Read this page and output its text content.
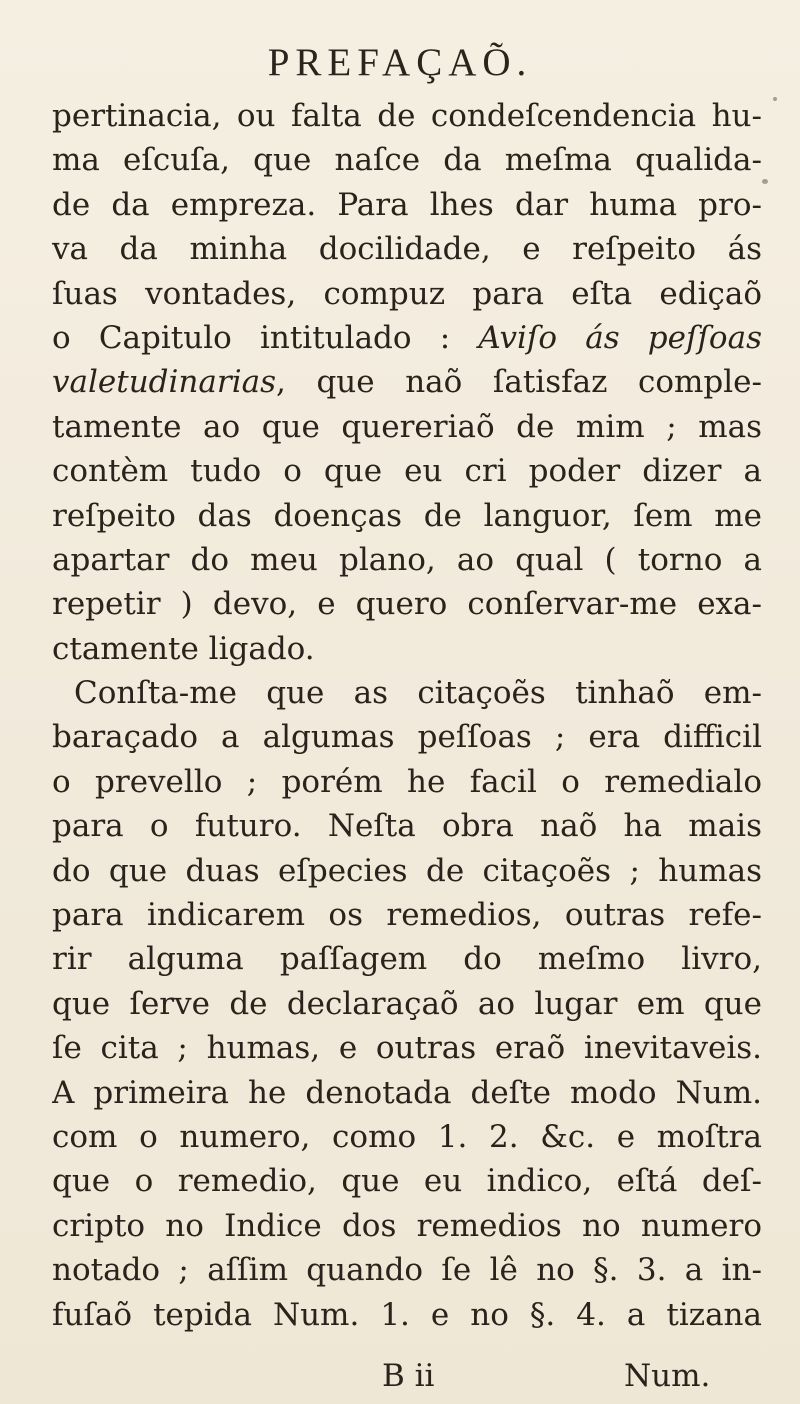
PREFAÇAÕ.
pertinacia, ou falta de condeſcendencia hu-
ma eſcuſa, que naſce da meſma qualida-
de da empreza. Para lhes dar huma pro-
va da minha docilidade, e reſpeito ás
ſuas vontades, compuz para eſta ediçaõ
o Capitulo intitulado : Aviſo ás peſſoas
valetudinarias, que naõ ſatisfaz comple-
tamente ao que quereriaõ de mim ; mas
contèm tudo o que eu cri poder dizer a
reſpeito das doenças de languor, ſem me
apartar do meu plano, ao qual ( torno a
repetir ) devo, e quero conſervar-me exa-
ctamente ligado.
Conſta-me que as citaçoẽs tinhaõ em-
baraçado a algumas peſſoas ; era difficil
o prevello ; porém he facil o remedialo
para o futuro. Neſta obra naõ ha mais
do que duas eſpecies de citaçoẽs ; humas
para indicarem os remedios, outras refe-
rir alguma paſſagem do meſmo livro,
que ſerve de declaraçaõ ao lugar em que
ſe cita ; humas, e outras eraõ inevitaveis.
A primeira he denotada deſte modo Num.
com o numero, como 1. 2. &c. e moſtra
que o remedio, que eu indico, eſtá deſ-
cripto no Indice dos remedios no numero
notado ; aſſim quando ſe lê no §. 3. a in-
fuſaõ tepida Num. 1. e no §. 4. a tizana
B ii	Num.
